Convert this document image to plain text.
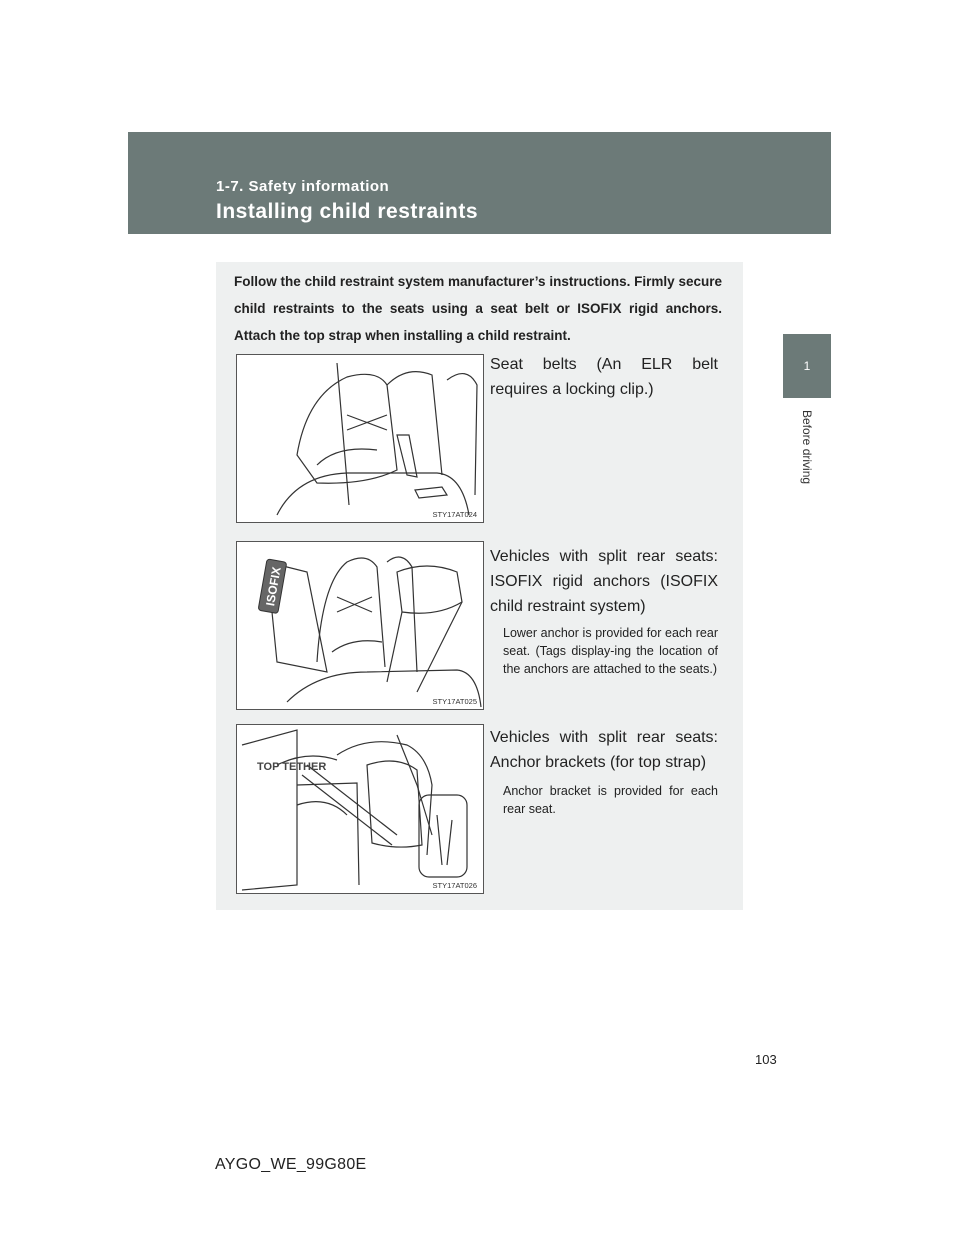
1-7. Safety information
Installing child restraints
1
Before driving
Follow the child restraint system manufacturer’s instructions. Firmly secure child restraints to the seats using a seat belt or ISOFIX rigid anchors. Attach the top strap when installing a child restraint.
STY17AT024
Seat belts (An ELR belt requires a locking clip.)
ISOFIX
STY17AT025
Vehicles with split rear seats: ISOFIX rigid anchors (ISOFIX child restraint system)
Lower anchor is provided for each rear seat. (Tags display-ing the location of the anchors are attached to the seats.)
TOP TETHER
STY17AT026
Vehicles with split rear seats: Anchor brackets (for top strap)
Anchor bracket is provided for each rear seat.
103
AYGO_WE_99G80E
